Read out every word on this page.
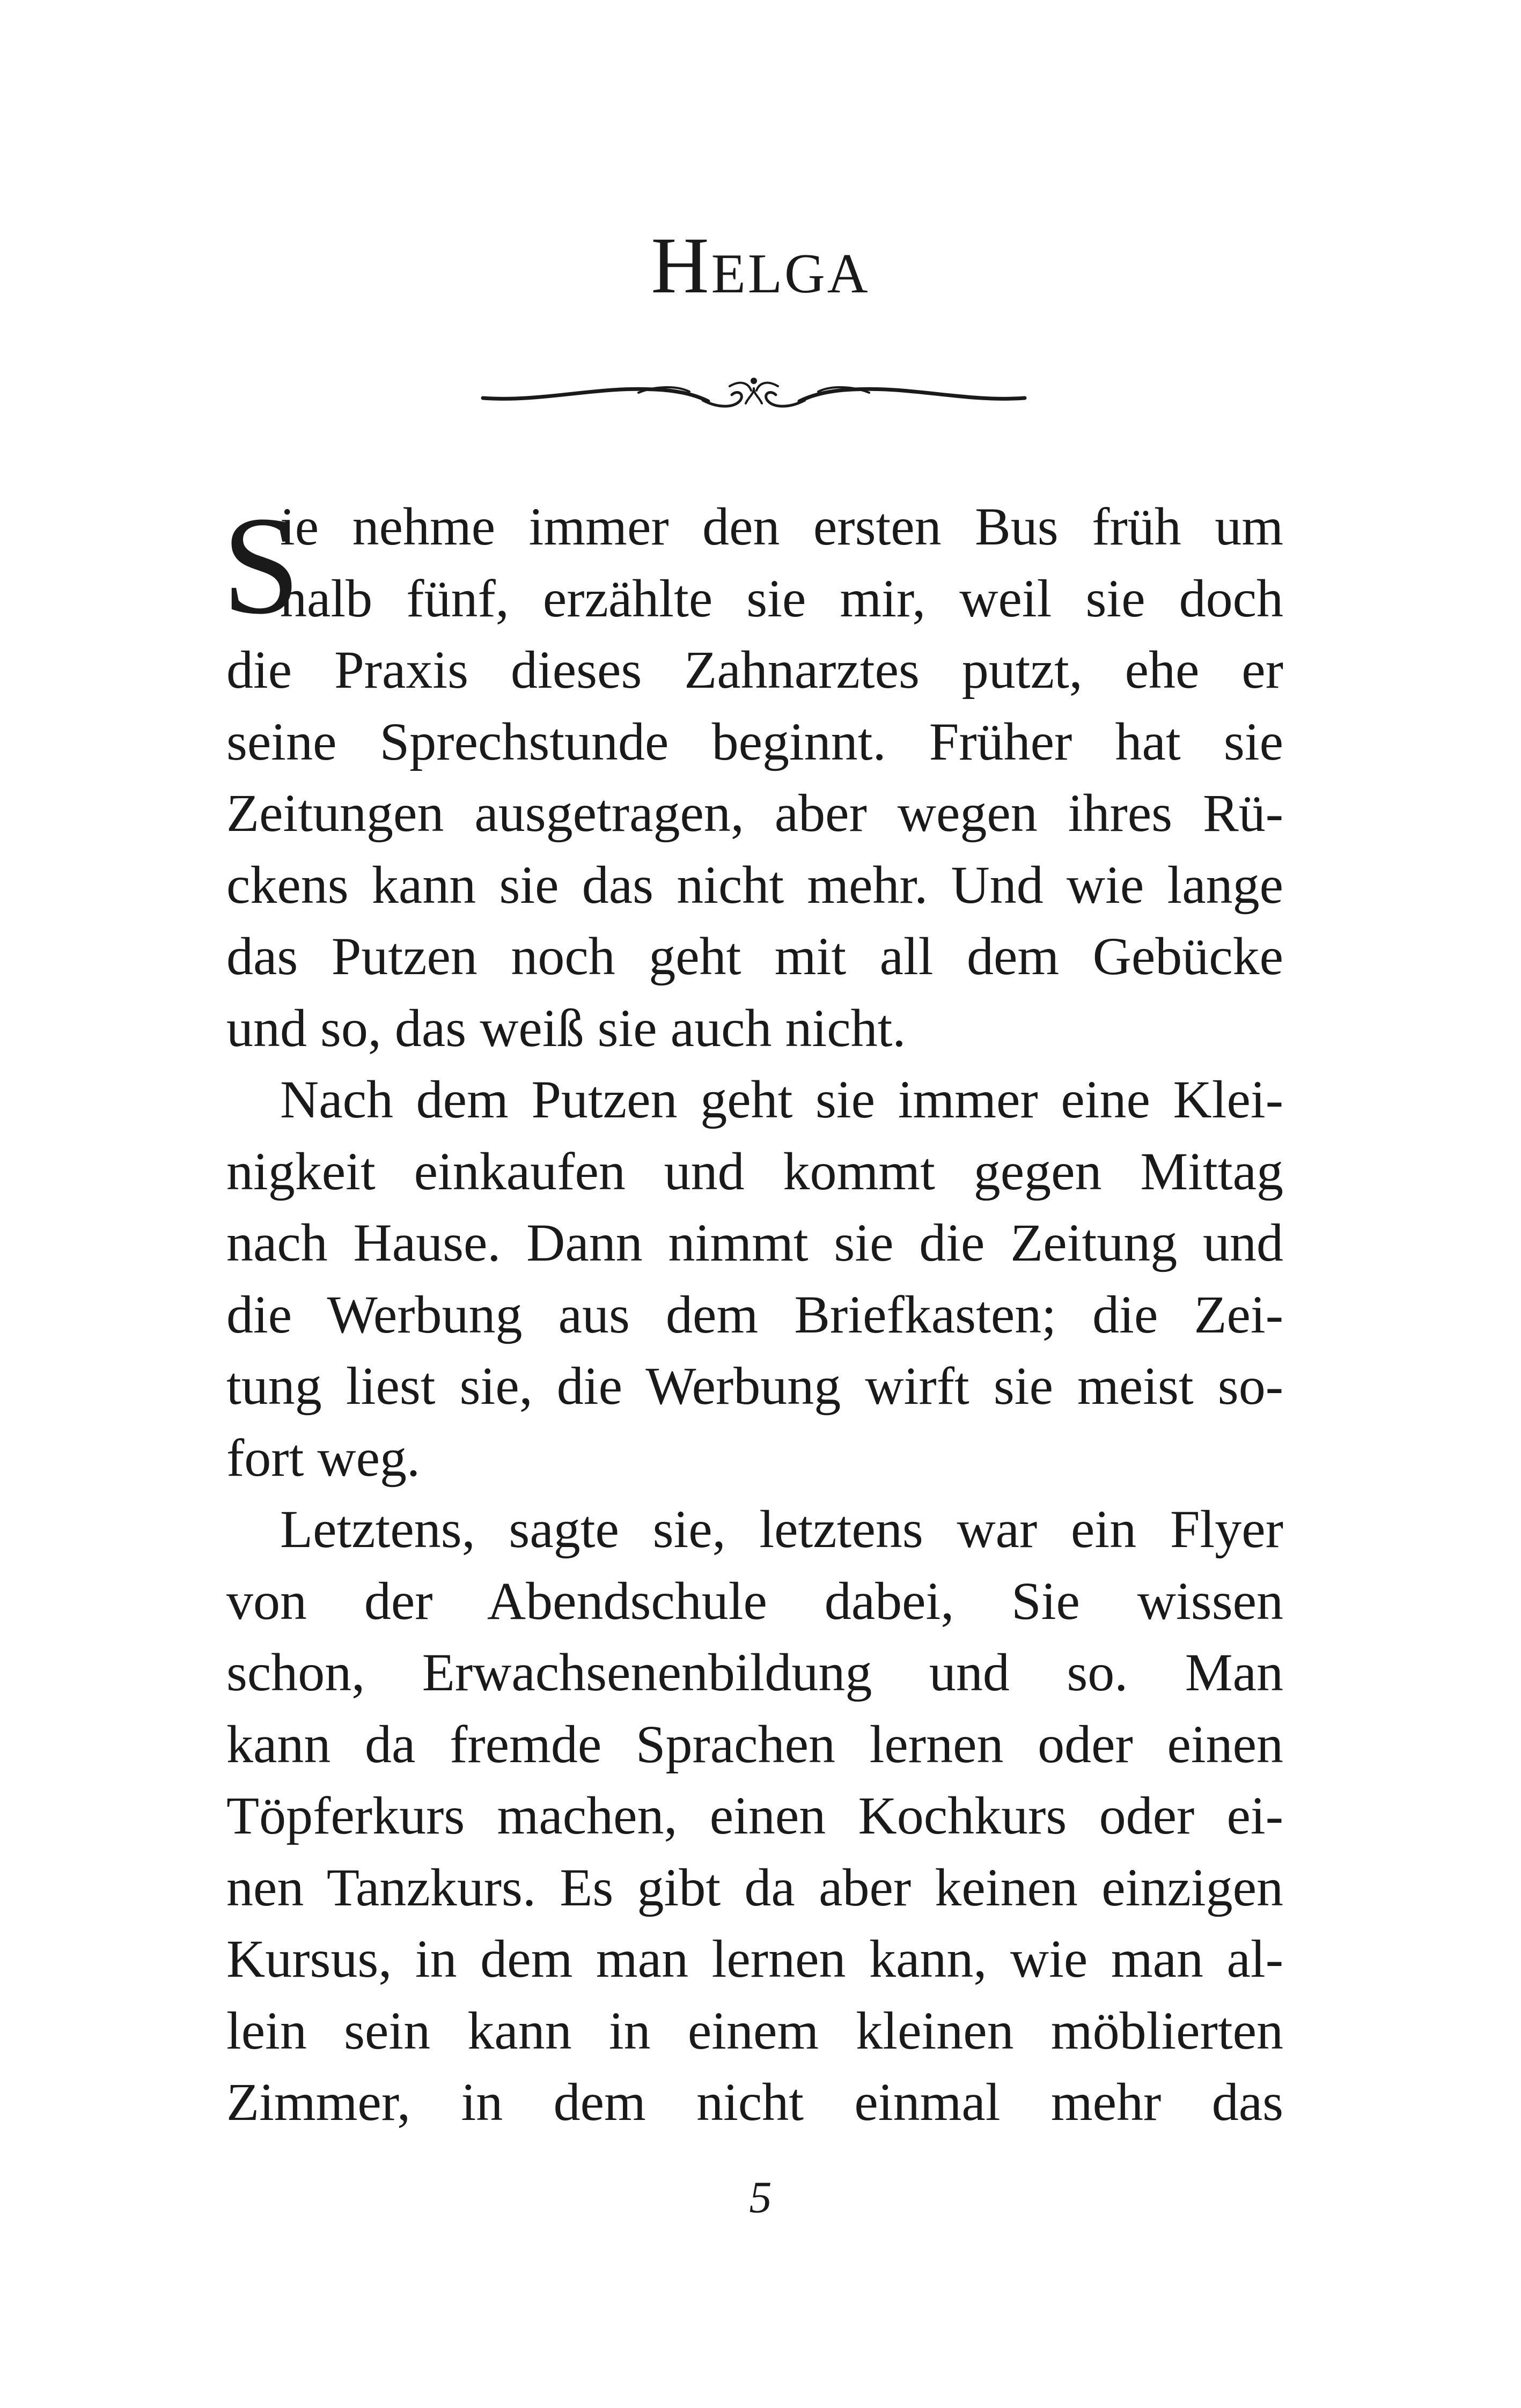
Helga
S
ie nehme immer den ersten Bus früh um
halb fünf, erzählte sie mir, weil sie doch
die Praxis dieses Zahnarztes putzt, ehe er
seine Sprechstunde beginnt. Früher hat sie
Zeitungen ausgetragen, aber wegen ihres Rü-
ckens kann sie das nicht mehr. Und wie lange
das Putzen noch geht mit all dem Gebücke
und so, das weiß sie auch nicht.
Nach dem Putzen geht sie immer eine Klei-
nigkeit einkaufen und kommt gegen Mittag
nach Hause. Dann nimmt sie die Zeitung und
die Werbung aus dem Briefkasten; die Zei-
tung liest sie, die Werbung wirft sie meist so-
fort weg.
Letztens, sagte sie, letztens war ein Flyer
von der Abendschule dabei, Sie wissen
schon, Erwachsenenbildung und so. Man
kann da fremde Sprachen lernen oder einen
Töpferkurs machen, einen Kochkurs oder ei-
nen Tanzkurs. Es gibt da aber keinen einzigen
Kursus, in dem man lernen kann, wie man al-
lein sein kann in einem kleinen möblierten
Zimmer, in dem nicht einmal mehr das
5
